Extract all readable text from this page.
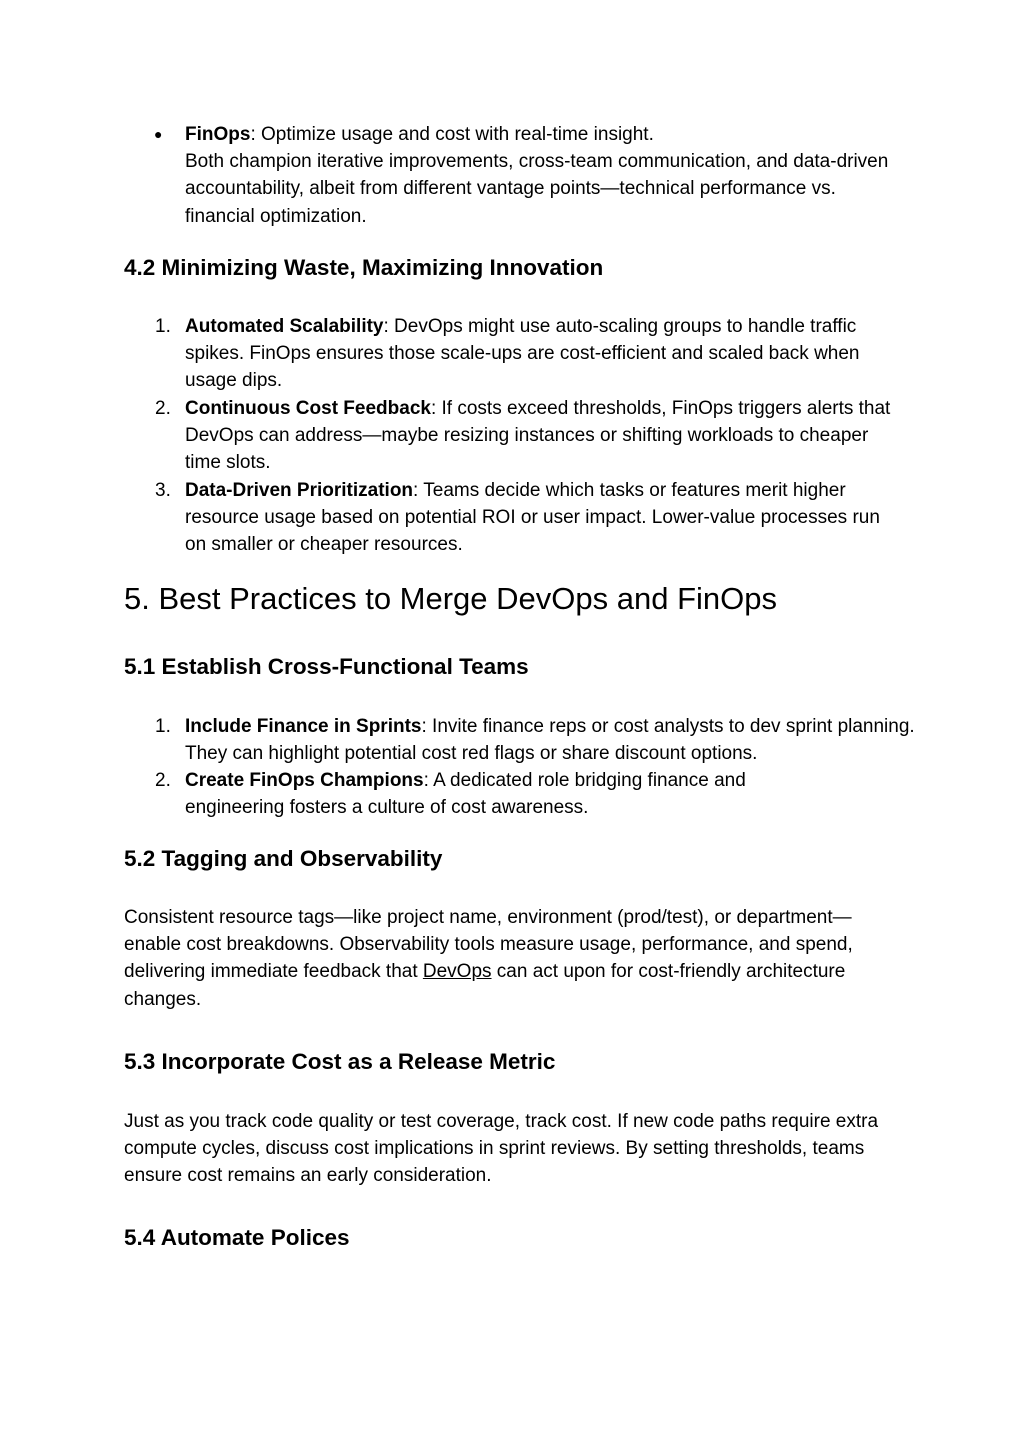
● FinOps: Optimize usage and cost with real-time insight.
Both champion iterative improvements, cross-team communication, and data-driven accountability, albeit from different vantage points—technical performance vs. financial optimization.

4.2 Minimizing Waste, Maximizing Innovation
1. Automated Scalability: DevOps might use auto-scaling groups to handle traffic spikes. FinOps ensures those scale-ups are cost-efficient and scaled back when usage dips.

2. Continuous Cost Feedback: If costs exceed thresholds, FinOps triggers alerts that DevOps can address—maybe resizing instances or shifting workloads to cheaper time slots.

3. Data-Driven Prioritization: Teams decide which tasks or features merit higher resource usage based on potential ROI or user impact. Lower-value processes run on smaller or cheaper resources.

5. Best Practices to Merge DevOps and FinOps
5.1 Establish Cross-Functional Teams
1. Include Finance in Sprints: Invite finance reps or cost analysts to dev sprint planning. They can highlight potential cost red flags or share discount options.

2. Create FinOps Champions: A dedicated role bridging finance and engineering fosters a culture of cost awareness.

5.2 Tagging and Observability

Consistent resource tags—like project name, environment (prod/test), or department—enable cost breakdowns. Observability tools measure usage, performance, and spend, delivering immediate feedback that DevOps can act upon for cost-friendly architecture changes.

5.3 Incorporate Cost as a Release Metric

Just as you track code quality or test coverage, track cost. If new code paths require extra compute cycles, discuss cost implications in sprint reviews. By setting thresholds, teams ensure cost remains an early consideration.

5.4 Automate Polices
